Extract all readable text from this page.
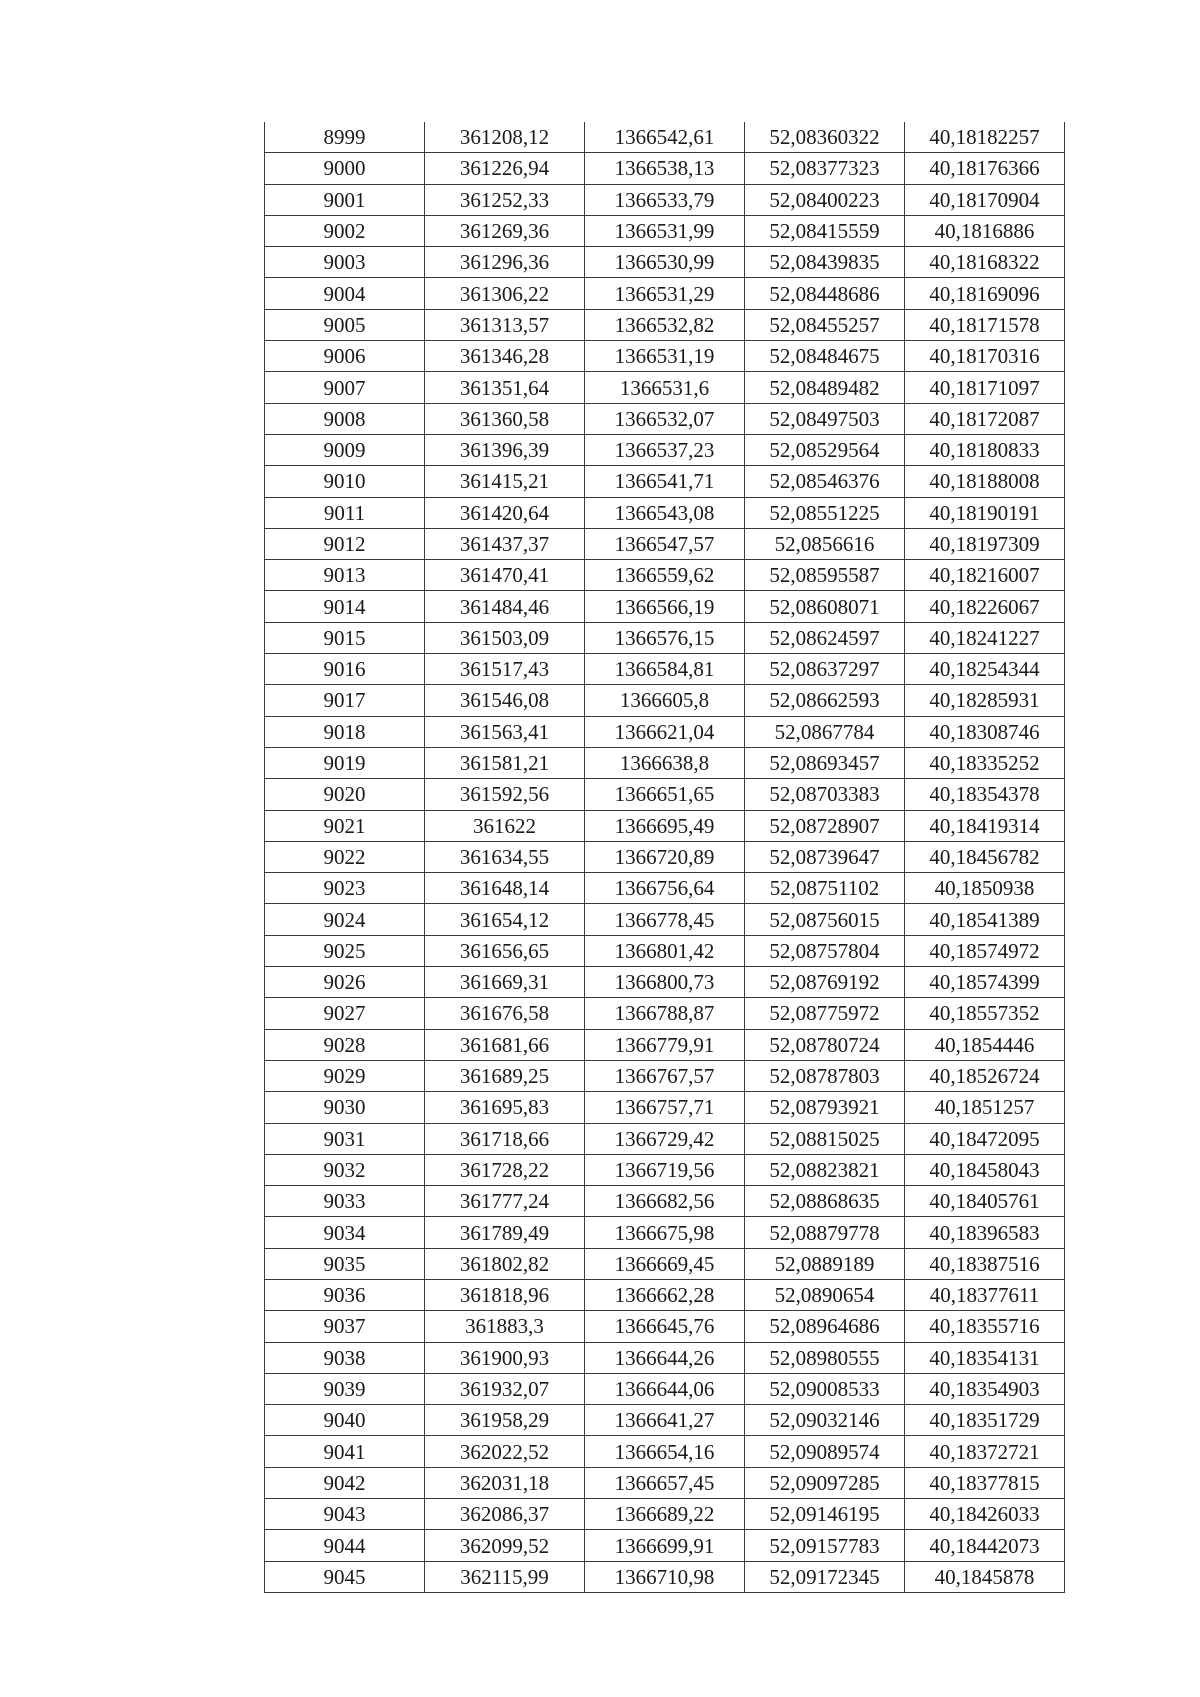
8999	361208,12	1366542,61	52,08360322	40,18182257
9000	361226,94	1366538,13	52,08377323	40,18176366
9001	361252,33	1366533,79	52,08400223	40,18170904
9002	361269,36	1366531,99	52,08415559	40,1816886
9003	361296,36	1366530,99	52,08439835	40,18168322
9004	361306,22	1366531,29	52,08448686	40,18169096
9005	361313,57	1366532,82	52,08455257	40,18171578
9006	361346,28	1366531,19	52,08484675	40,18170316
9007	361351,64	1366531,6	52,08489482	40,18171097
9008	361360,58	1366532,07	52,08497503	40,18172087
9009	361396,39	1366537,23	52,08529564	40,18180833
9010	361415,21	1366541,71	52,08546376	40,18188008
9011	361420,64	1366543,08	52,08551225	40,18190191
9012	361437,37	1366547,57	52,0856616	40,18197309
9013	361470,41	1366559,62	52,08595587	40,18216007
9014	361484,46	1366566,19	52,08608071	40,18226067
9015	361503,09	1366576,15	52,08624597	40,18241227
9016	361517,43	1366584,81	52,08637297	40,18254344
9017	361546,08	1366605,8	52,08662593	40,18285931
9018	361563,41	1366621,04	52,0867784	40,18308746
9019	361581,21	1366638,8	52,08693457	40,18335252
9020	361592,56	1366651,65	52,08703383	40,18354378
9021	361622	1366695,49	52,08728907	40,18419314
9022	361634,55	1366720,89	52,08739647	40,18456782
9023	361648,14	1366756,64	52,08751102	40,1850938
9024	361654,12	1366778,45	52,08756015	40,18541389
9025	361656,65	1366801,42	52,08757804	40,18574972
9026	361669,31	1366800,73	52,08769192	40,18574399
9027	361676,58	1366788,87	52,08775972	40,18557352
9028	361681,66	1366779,91	52,08780724	40,1854446
9029	361689,25	1366767,57	52,08787803	40,18526724
9030	361695,83	1366757,71	52,08793921	40,1851257
9031	361718,66	1366729,42	52,08815025	40,18472095
9032	361728,22	1366719,56	52,08823821	40,18458043
9033	361777,24	1366682,56	52,08868635	40,18405761
9034	361789,49	1366675,98	52,08879778	40,18396583
9035	361802,82	1366669,45	52,0889189	40,18387516
9036	361818,96	1366662,28	52,0890654	40,18377611
9037	361883,3	1366645,76	52,08964686	40,18355716
9038	361900,93	1366644,26	52,08980555	40,18354131
9039	361932,07	1366644,06	52,09008533	40,18354903
9040	361958,29	1366641,27	52,09032146	40,18351729
9041	362022,52	1366654,16	52,09089574	40,18372721
9042	362031,18	1366657,45	52,09097285	40,18377815
9043	362086,37	1366689,22	52,09146195	40,18426033
9044	362099,52	1366699,91	52,09157783	40,18442073
9045	362115,99	1366710,98	52,09172345	40,1845878
